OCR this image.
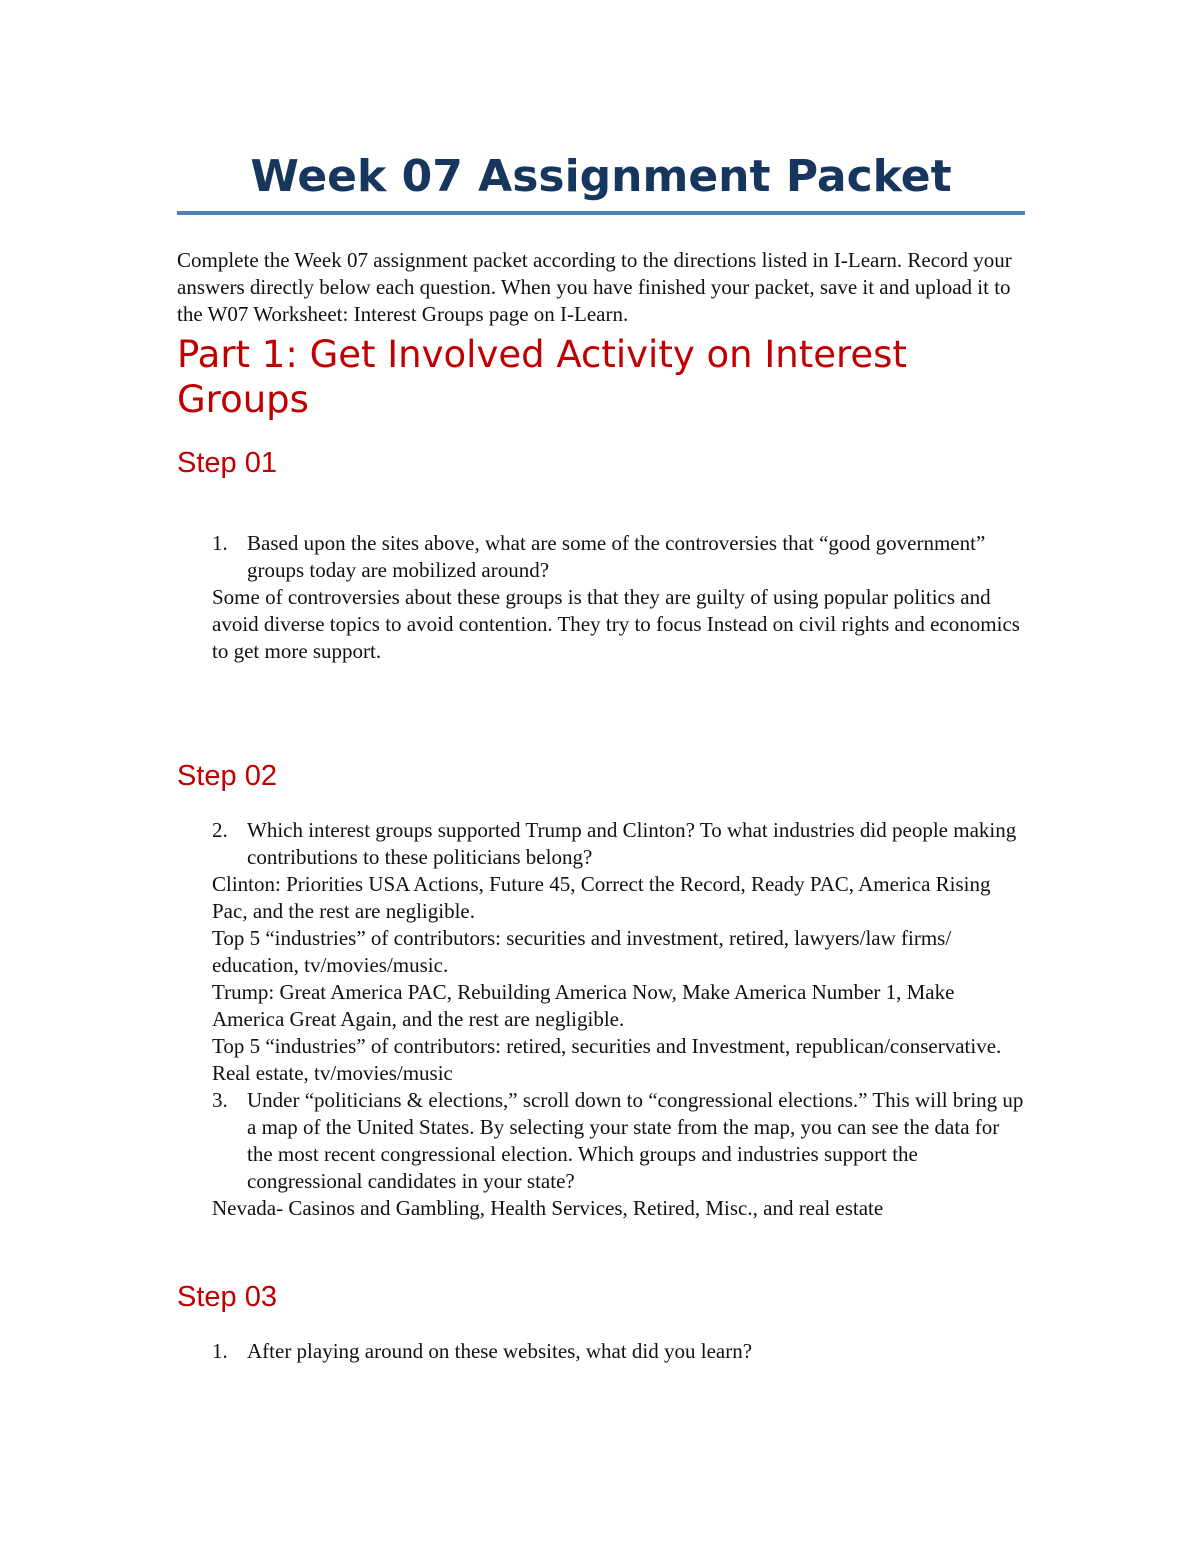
Week 07 Assignment Packet

Complete the Week 07 assignment packet according to the directions listed in I-Learn. Record your answers directly below each question. When you have finished your packet, save it and upload it to the W07 Worksheet: Interest Groups page on I-Learn.

Part 1: Get Involved Activity on Interest Groups
Step 01
1. Based upon the sites above, what are some of the controversies that “good government” groups today are mobilized around?

Some of controversies about these groups is that they are guilty of using popular politics and avoid diverse topics to avoid contention. They try to focus Instead on civil rights and economics to get more support.

Step 02
2. Which interest groups supported Trump and Clinton? To what industries did people making contributions to these politicians belong?

Clinton: Priorities USA Actions, Future 45, Correct the Record, Ready PAC, America Rising Pac, and the rest are negligible.

Top 5 “industries” of contributors: securities and investment, retired, lawyers/law firms/ education, tv/movies/music.

Trump: Great America PAC, Rebuilding America Now, Make America Number 1, Make America Great Again, and the rest are negligible.

Top 5 “industries” of contributors: retired, securities and Investment, republican/conservative. Real estate, tv/movies/music

3. Under “politicians & elections,” scroll down to “congressional elections.” This will bring up a map of the United States. By selecting your state from the map, you can see the data for the most recent congressional election. Which groups and industries support the congressional candidates in your state?

Nevada- Casinos and Gambling, Health Services, Retired, Misc., and real estate

Step 03
1. After playing around on these websites, what did you learn?
